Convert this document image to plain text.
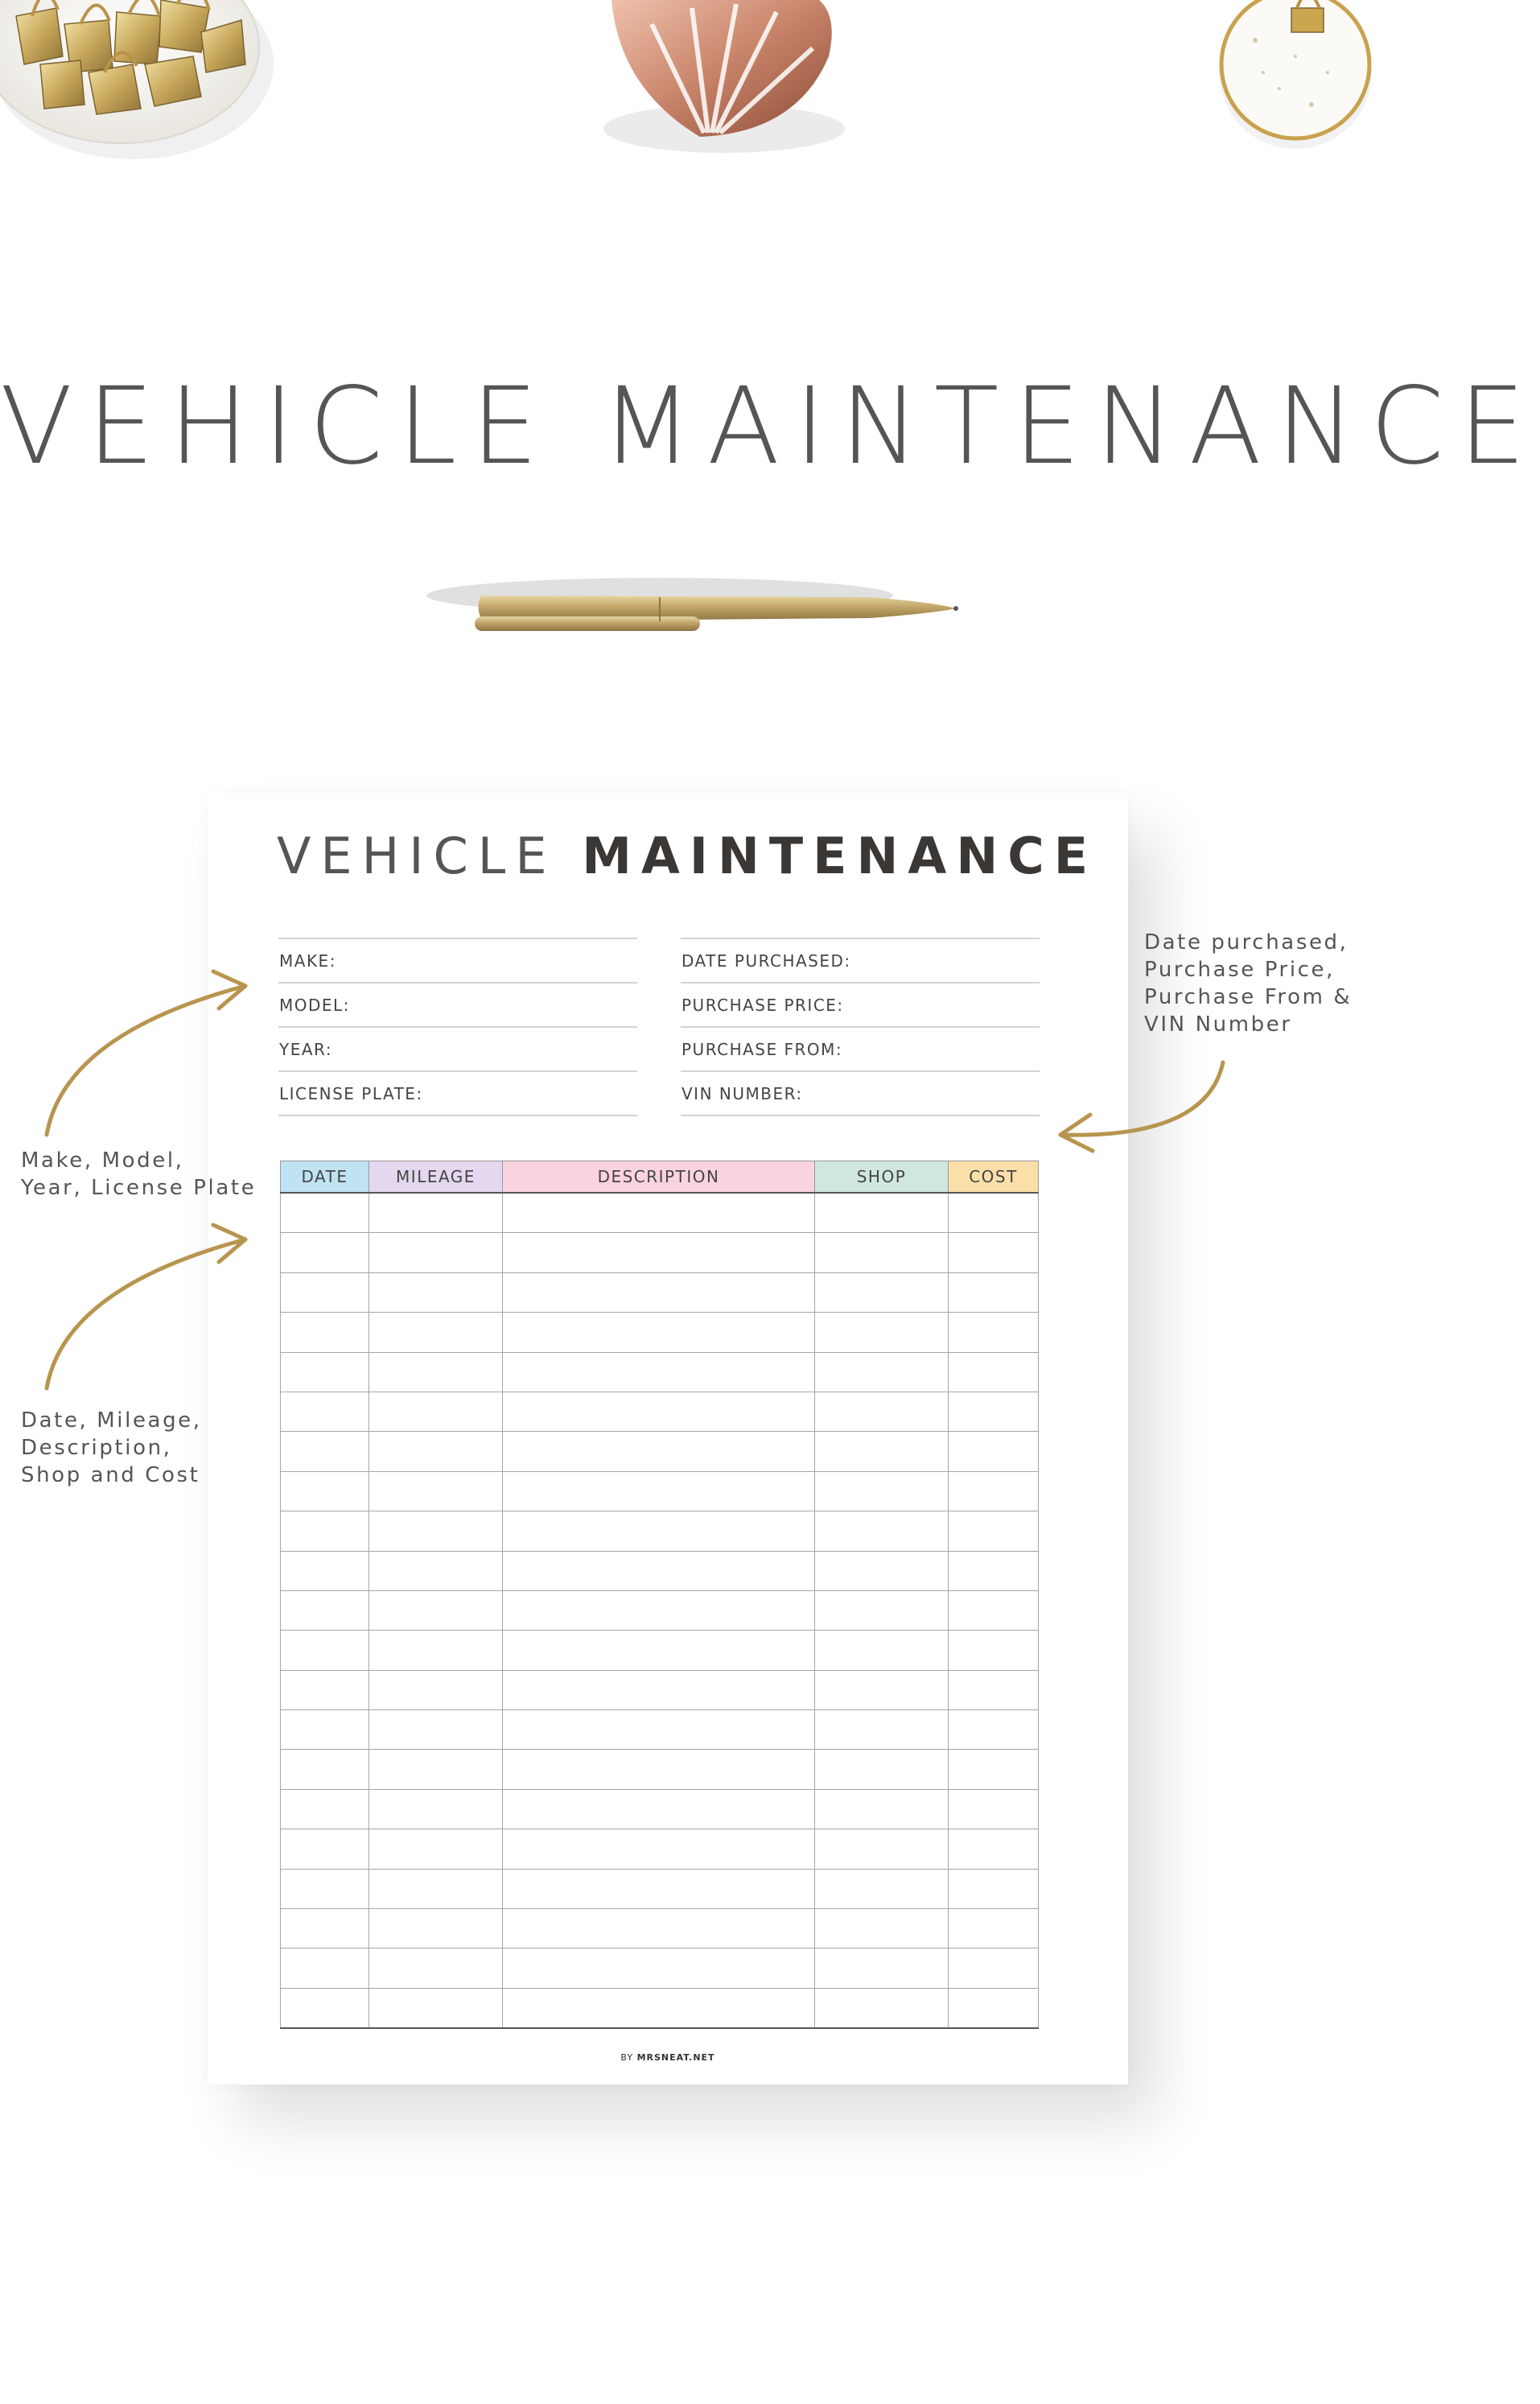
VEHICLE MAINTENANCE
VEHICLE MAINTENANCE
MAKE:
MODEL:
YEAR:
LICENSE PLATE:
DATE PURCHASED:
PURCHASE PRICE:
PURCHASE FROM:
VIN NUMBER:
DATE	MILEAGE	DESCRIPTION	SHOP	COST

BY MRSNEAT.NET
Make, Model,
Year, License Plate
Date, Mileage,
Description,
Shop and Cost
Date purchased,
Purchase Price,
Purchase From &
VIN Number
